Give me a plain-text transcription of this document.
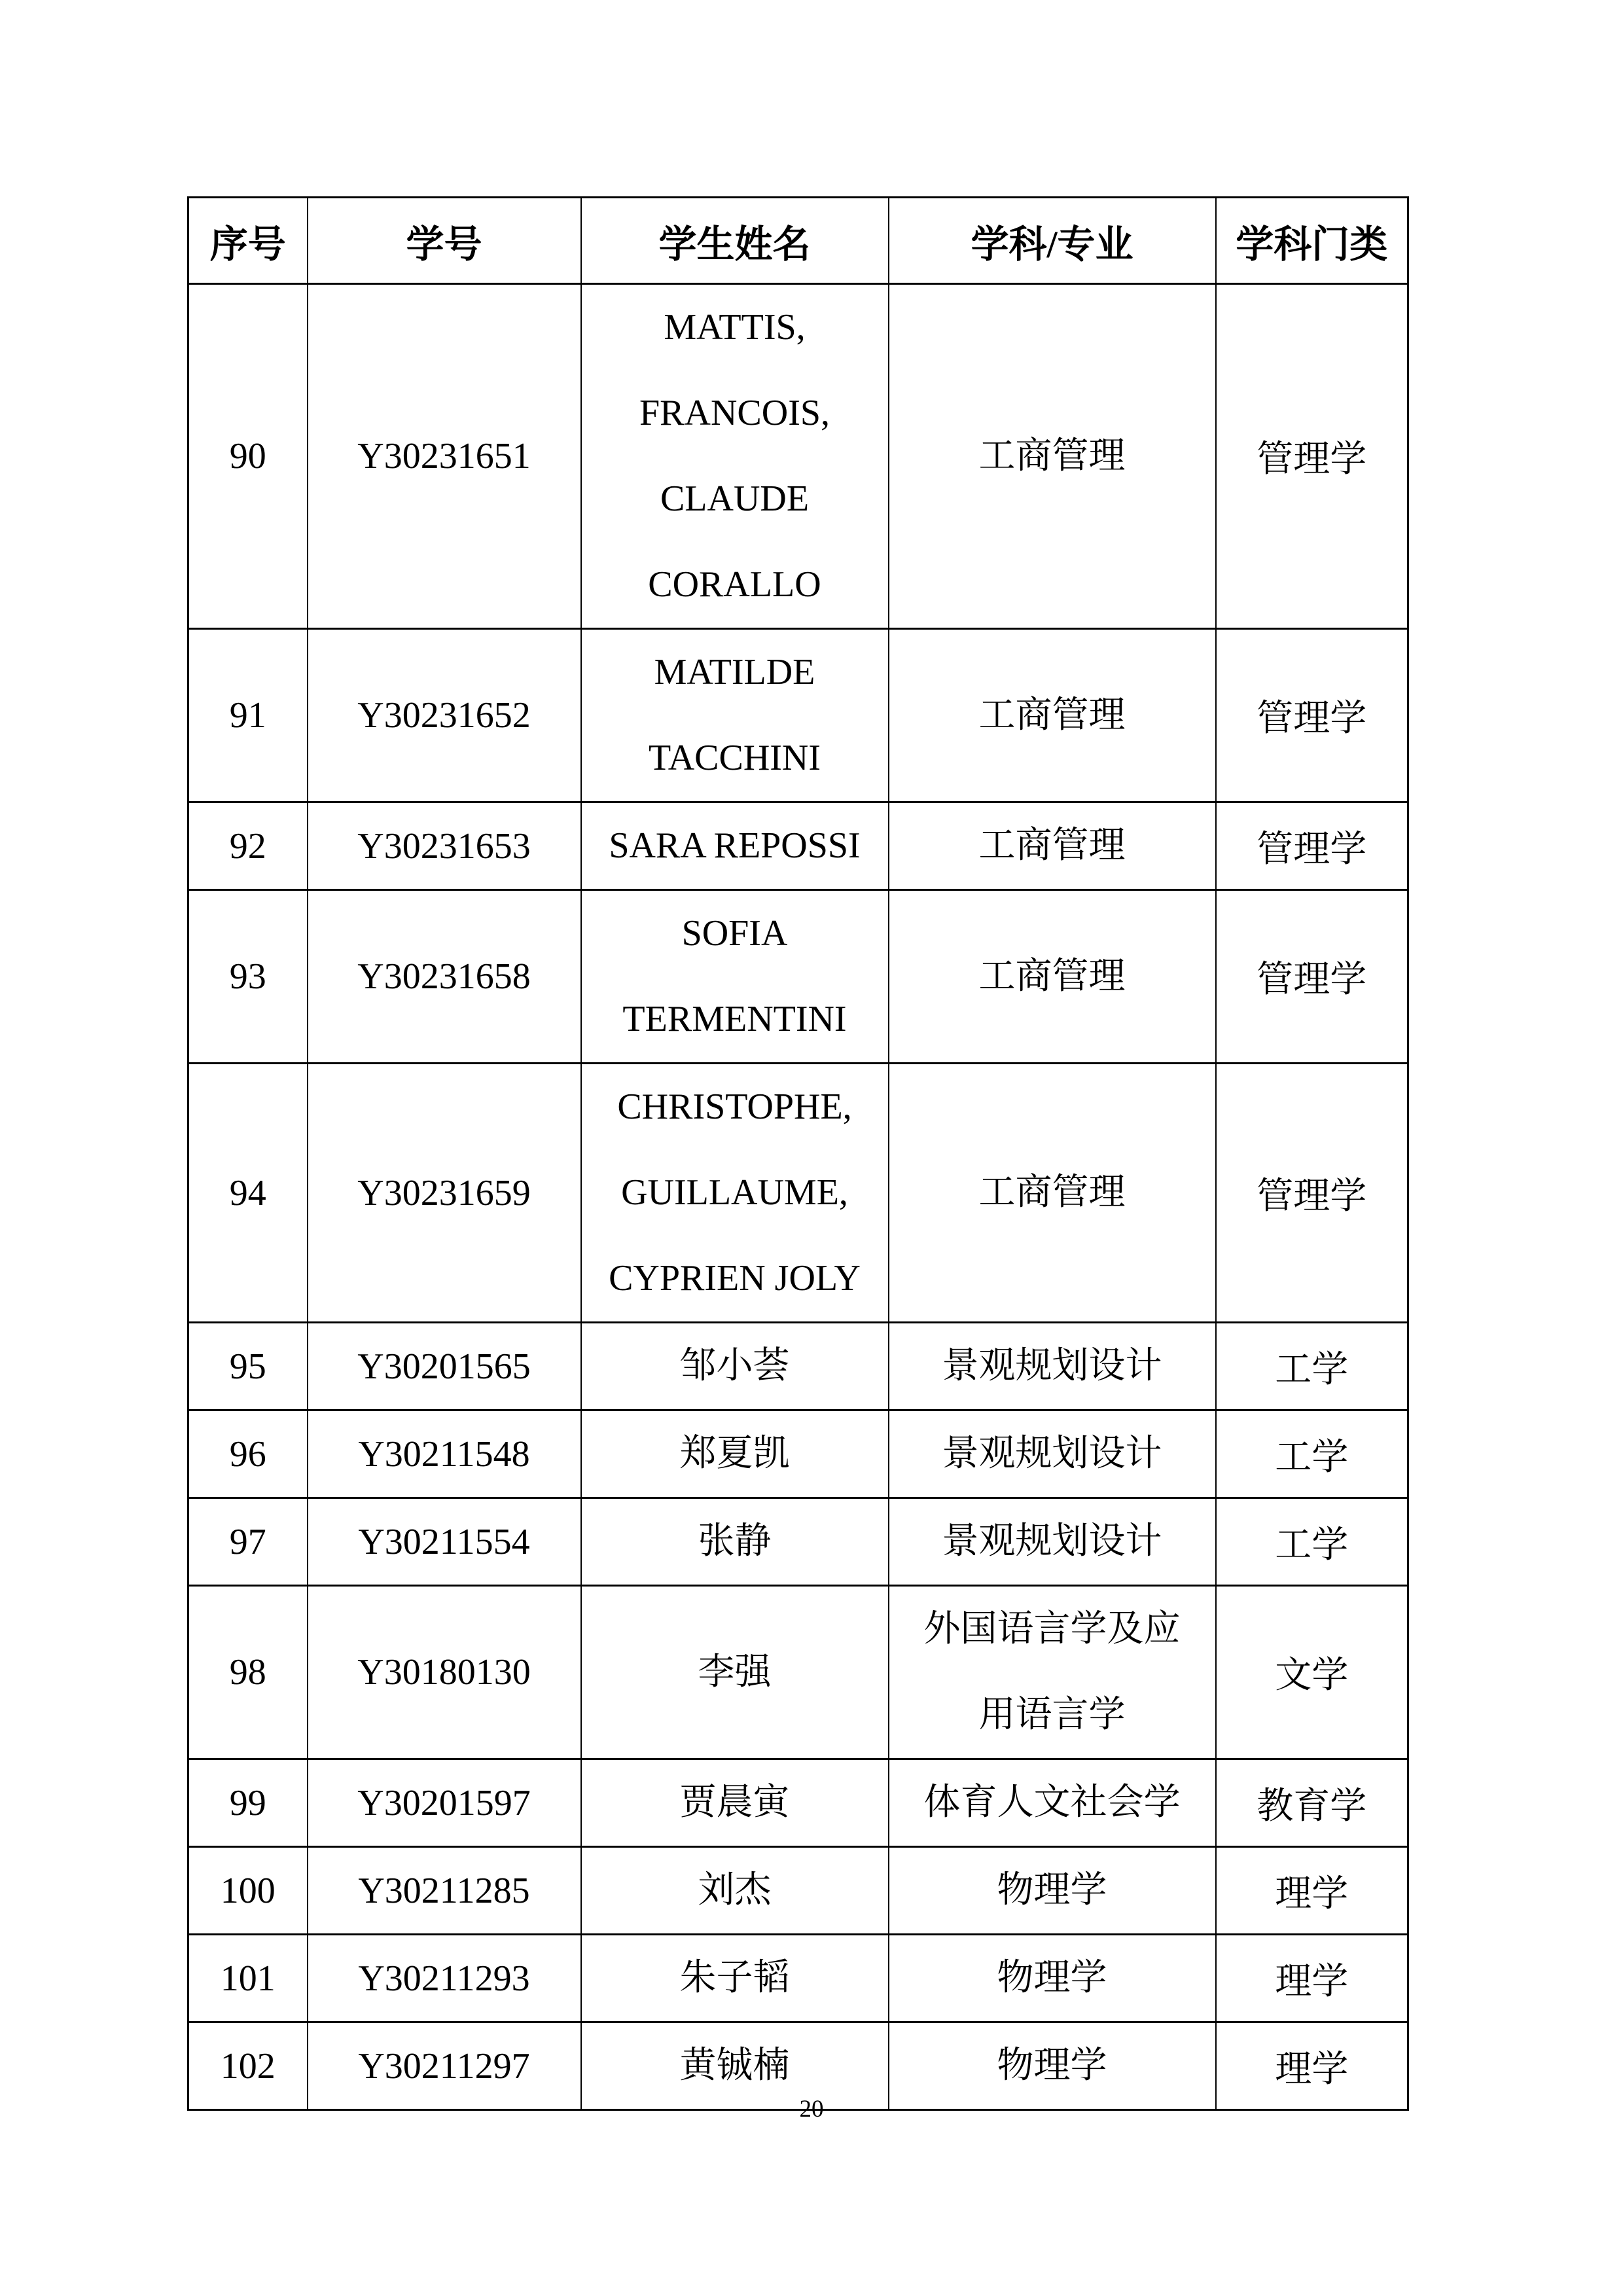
序号	学号	学生姓名	学科/专业	学科门类
90	Y30231651	MATTIS,
FRANCOIS,
CLAUDE
CORALLO	工商管理	管理学
91	Y30231652	MATILDE
TACCHINI	工商管理	管理学
92	Y30231653	SARA REPOSSI	工商管理	管理学
93	Y30231658	SOFIA
TERMENTINI	工商管理	管理学
94	Y30231659	CHRISTOPHE,
GUILLAUME,
CYPRIEN JOLY	工商管理	管理学
95	Y30201565	邹小荟	景观规划设计	工学
96	Y30211548	郑夏凯	景观规划设计	工学
97	Y30211554	张静	景观规划设计	工学
98	Y30180130	李强	外国语言学及应
用语言学	文学
99	Y30201597	贾晨寅	体育人文社会学	教育学
100	Y30211285	刘杰	物理学	理学
101	Y30211293	朱子韬	物理学	理学
102	Y30211297	黄铖楠	物理学	理学
20
